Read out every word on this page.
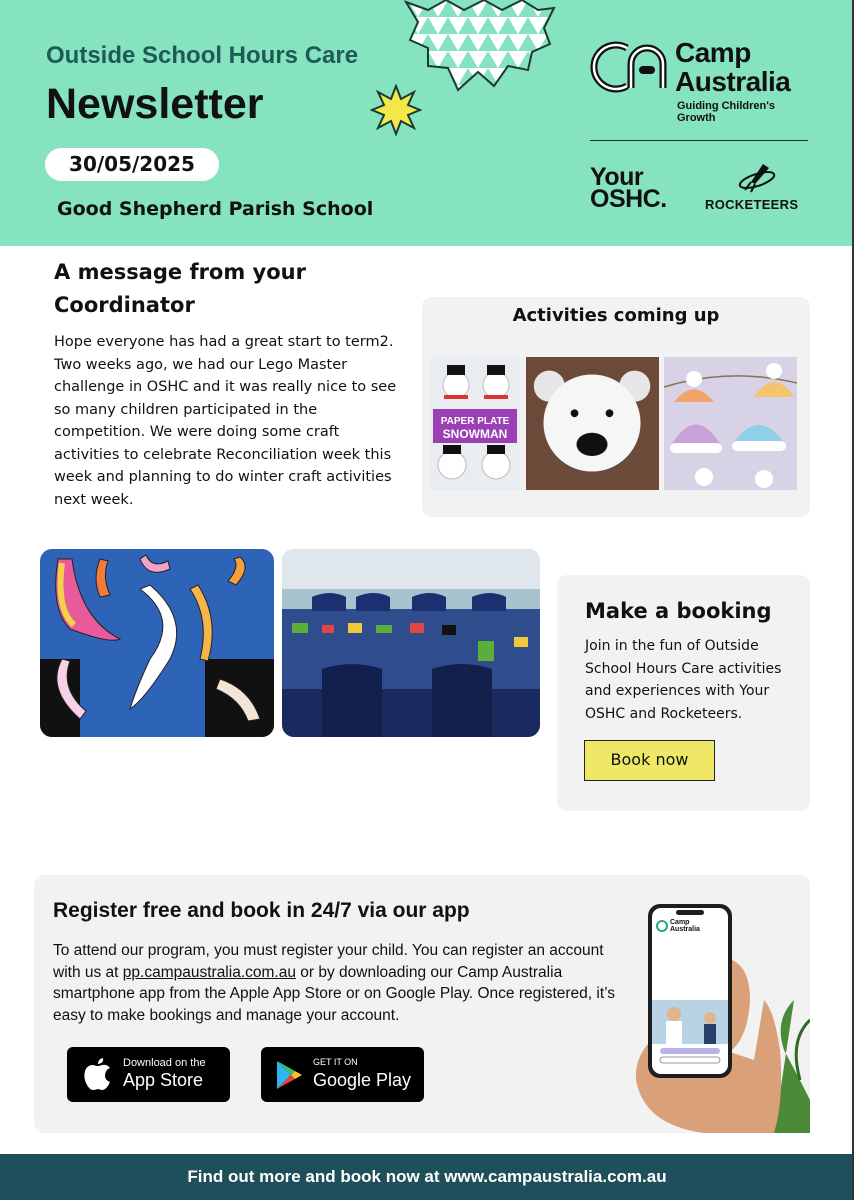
Outside School Hours Care
Newsletter
30/05/2025
Good Shepherd Parish School
Camp
Australia
Guiding Children's Growth
Your
OSHC.	ROCKETEERS
A message from your
Coordinator
Hope everyone has had a great start to term2. Two weeks ago, we had our Lego Master challenge in OSHC and it was really nice to see so many children participated in the competition. We were doing some craft activities to celebrate Reconciliation week this week and planning to do winter craft activities next week.
Activities coming up
PAPER PLATE
SNOWMAN
Make a booking
Join in the fun of Outside School Hours Care activities and experiences with Your OSHC and Rocketeers.
Book now
Register free and book in 24/7 via our app
To attend our program, you must register your child. You can register an account with us at pp.campaustralia.com.au or by downloading our Camp Australia smartphone app from the Apple App Store or on Google Play. Once registered, it’s easy to make bookings and manage your account.
Download on the
App Store
GET IT ON
Google Play
Camp
Australia
Find out more and book now at www.campaustralia.com.au
